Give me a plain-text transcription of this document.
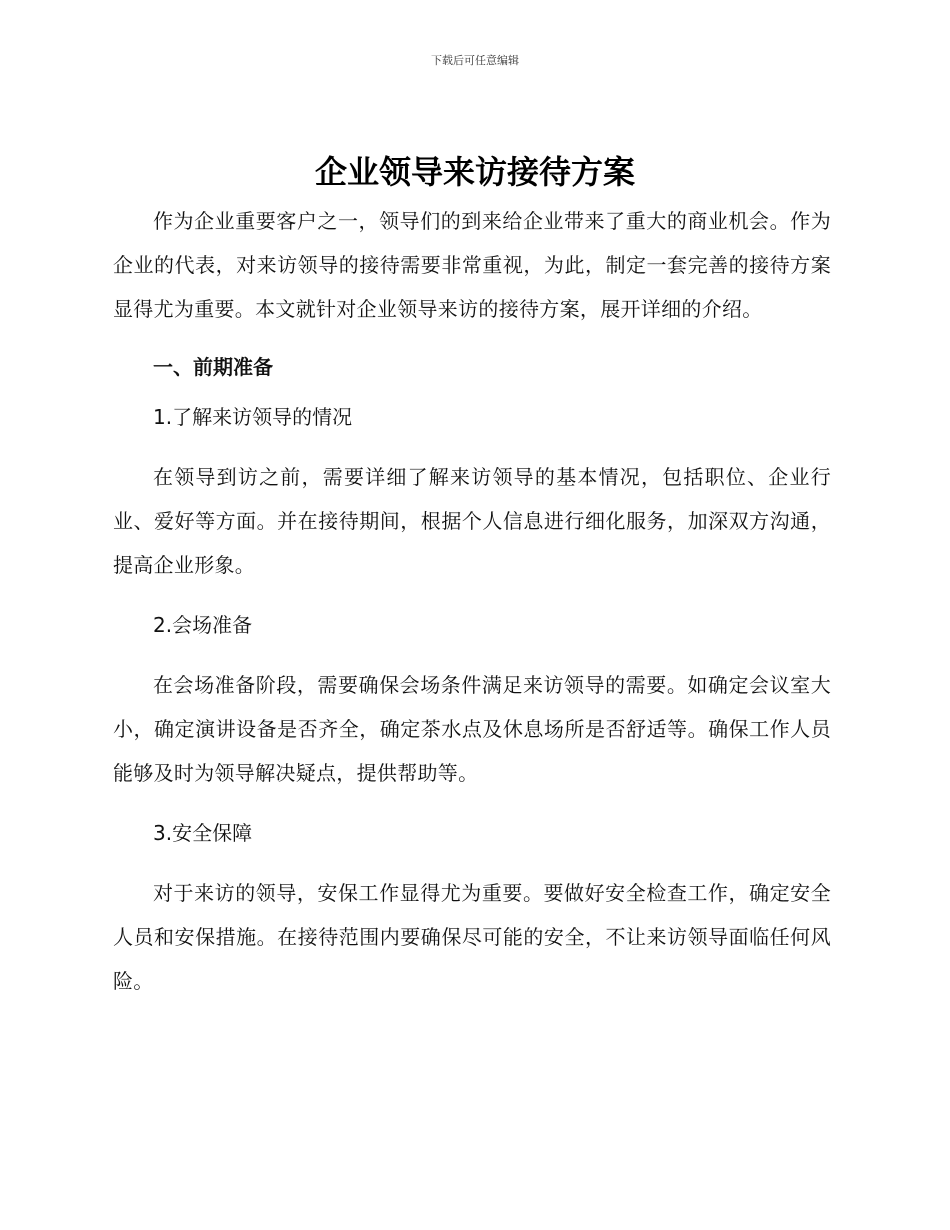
下载后可任意编辑
企业领导来访接待方案

作为企业重要客户之一，领导们的到来给企业带来了重大的商业机会。作为企业的代表，对来访领导的接待需要非常重视，为此，制定一套完善的接待方案显得尤为重要。本文就针对企业领导来访的接待方案，展开详细的介绍。

一、前期准备
1.了解来访领导的情况

在领导到访之前，需要详细了解来访领导的基本情况，包括职位、企业行业、爱好等方面。并在接待期间，根据个人信息进行细化服务，加深双方沟通，提高企业形象。

2.会场准备

在会场准备阶段，需要确保会场条件满足来访领导的需要。如确定会议室大小，确定演讲设备是否齐全，确定茶水点及休息场所是否舒适等。确保工作人员能够及时为领导解决疑点，提供帮助等。

3.安全保障

对于来访的领导，安保工作显得尤为重要。要做好安全检查工作，确定安全人员和安保措施。在接待范围内要确保尽可能的安全，不让来访领导面临任何风险。
